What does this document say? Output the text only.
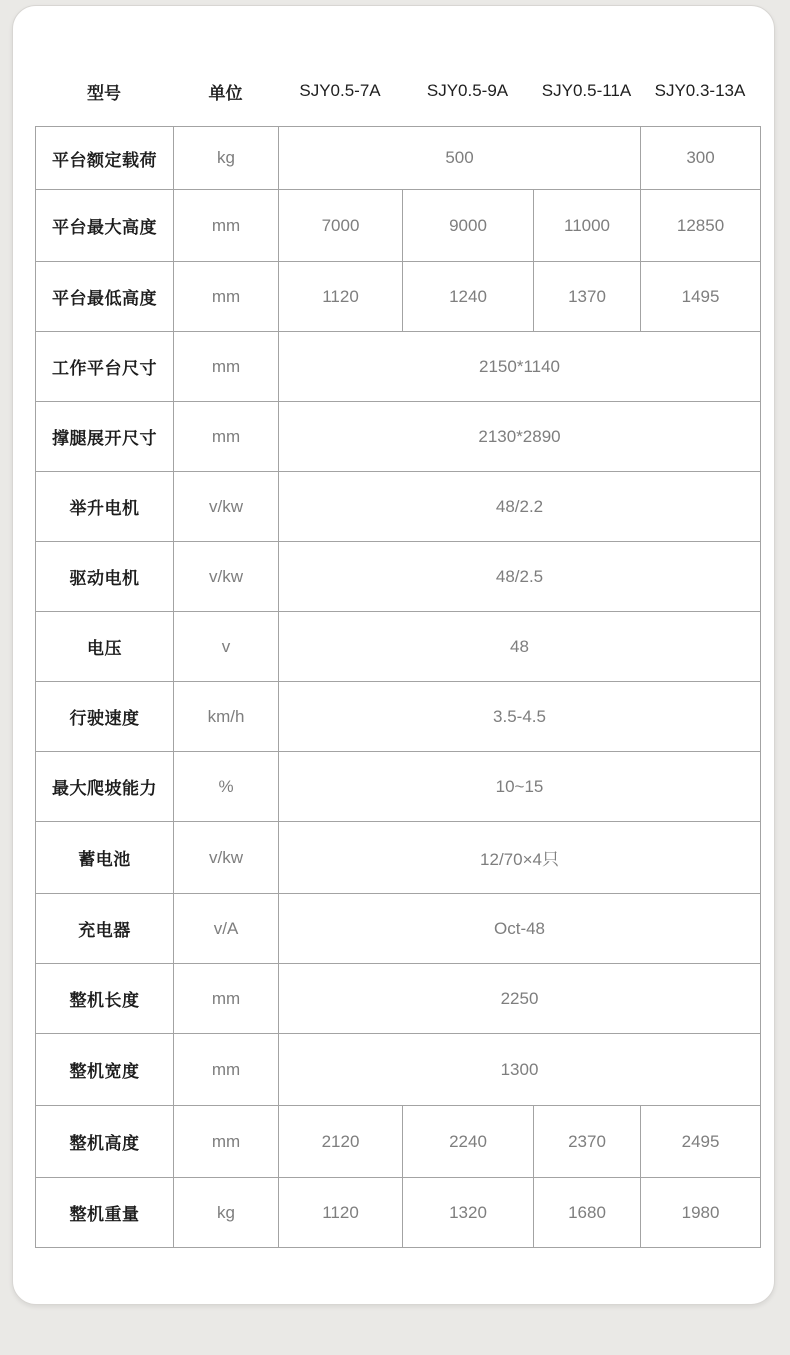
型号	单位	SJY0.5-7A	SJY0.5-9A	SJY0.5-11A	SJY0.3-13A
平台额定载荷	kg	500			300
平台最大高度	mm	7000	9000	11000	12850
平台最低高度	mm	1120	1240	1370	1495
工作平台尺寸	mm	2150*1140			
撑腿展开尺寸	mm	2130*2890			
举升电机	v/kw	48/2.2			
驱动电机	v/kw	48/2.5			
电压	v	48			
行驶速度	km/h	3.5-4.5			
最大爬坡能力	%	10~15			
蓄电池	v/kw	12/70×4只			
充电器	v/A	Oct-48			
整机长度	mm	2250			
整机宽度	mm	1300			
整机高度	mm	2120	2240	2370	2495
整机重量	kg	1120	1320	1680	1980
